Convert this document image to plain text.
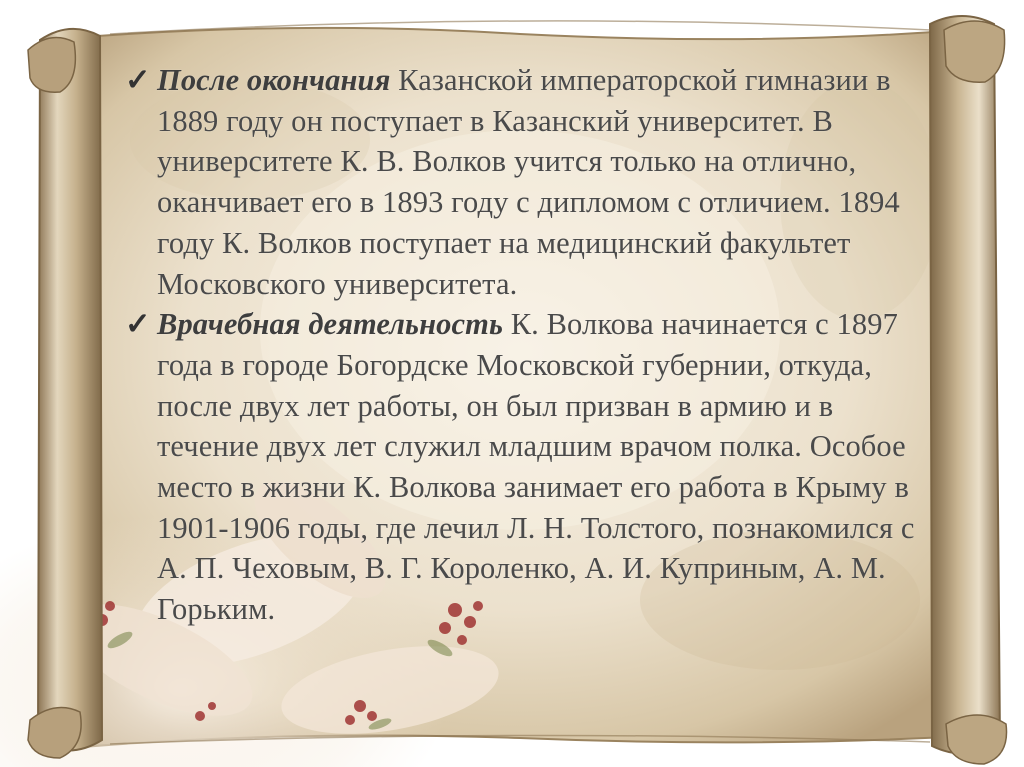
✓ После окончания Казанской императорской гимназии в 1889 году он поступает в Казанский университет. В университете К. В. Волков учится только на отлично, оканчивает его в 1893 году с дипломом с отличием. 1894 году К. Волков поступает на медицинский факультет Московского университета.

✓ Врачебная деятельность К. Волкова начинается с 1897 года в городе Богордске Московской губернии, откуда, после двух лет работы, он был призван в армию и в течение двух лет служил младшим врачом полка. Особое место в жизни К. Волкова занимает его работа в Крыму в 1901-1906 годы, где лечил Л. Н. Толстого, познакомился с А. П. Чеховым, В. Г. Короленко, А. И. Куприным, А. М. Горьким.
